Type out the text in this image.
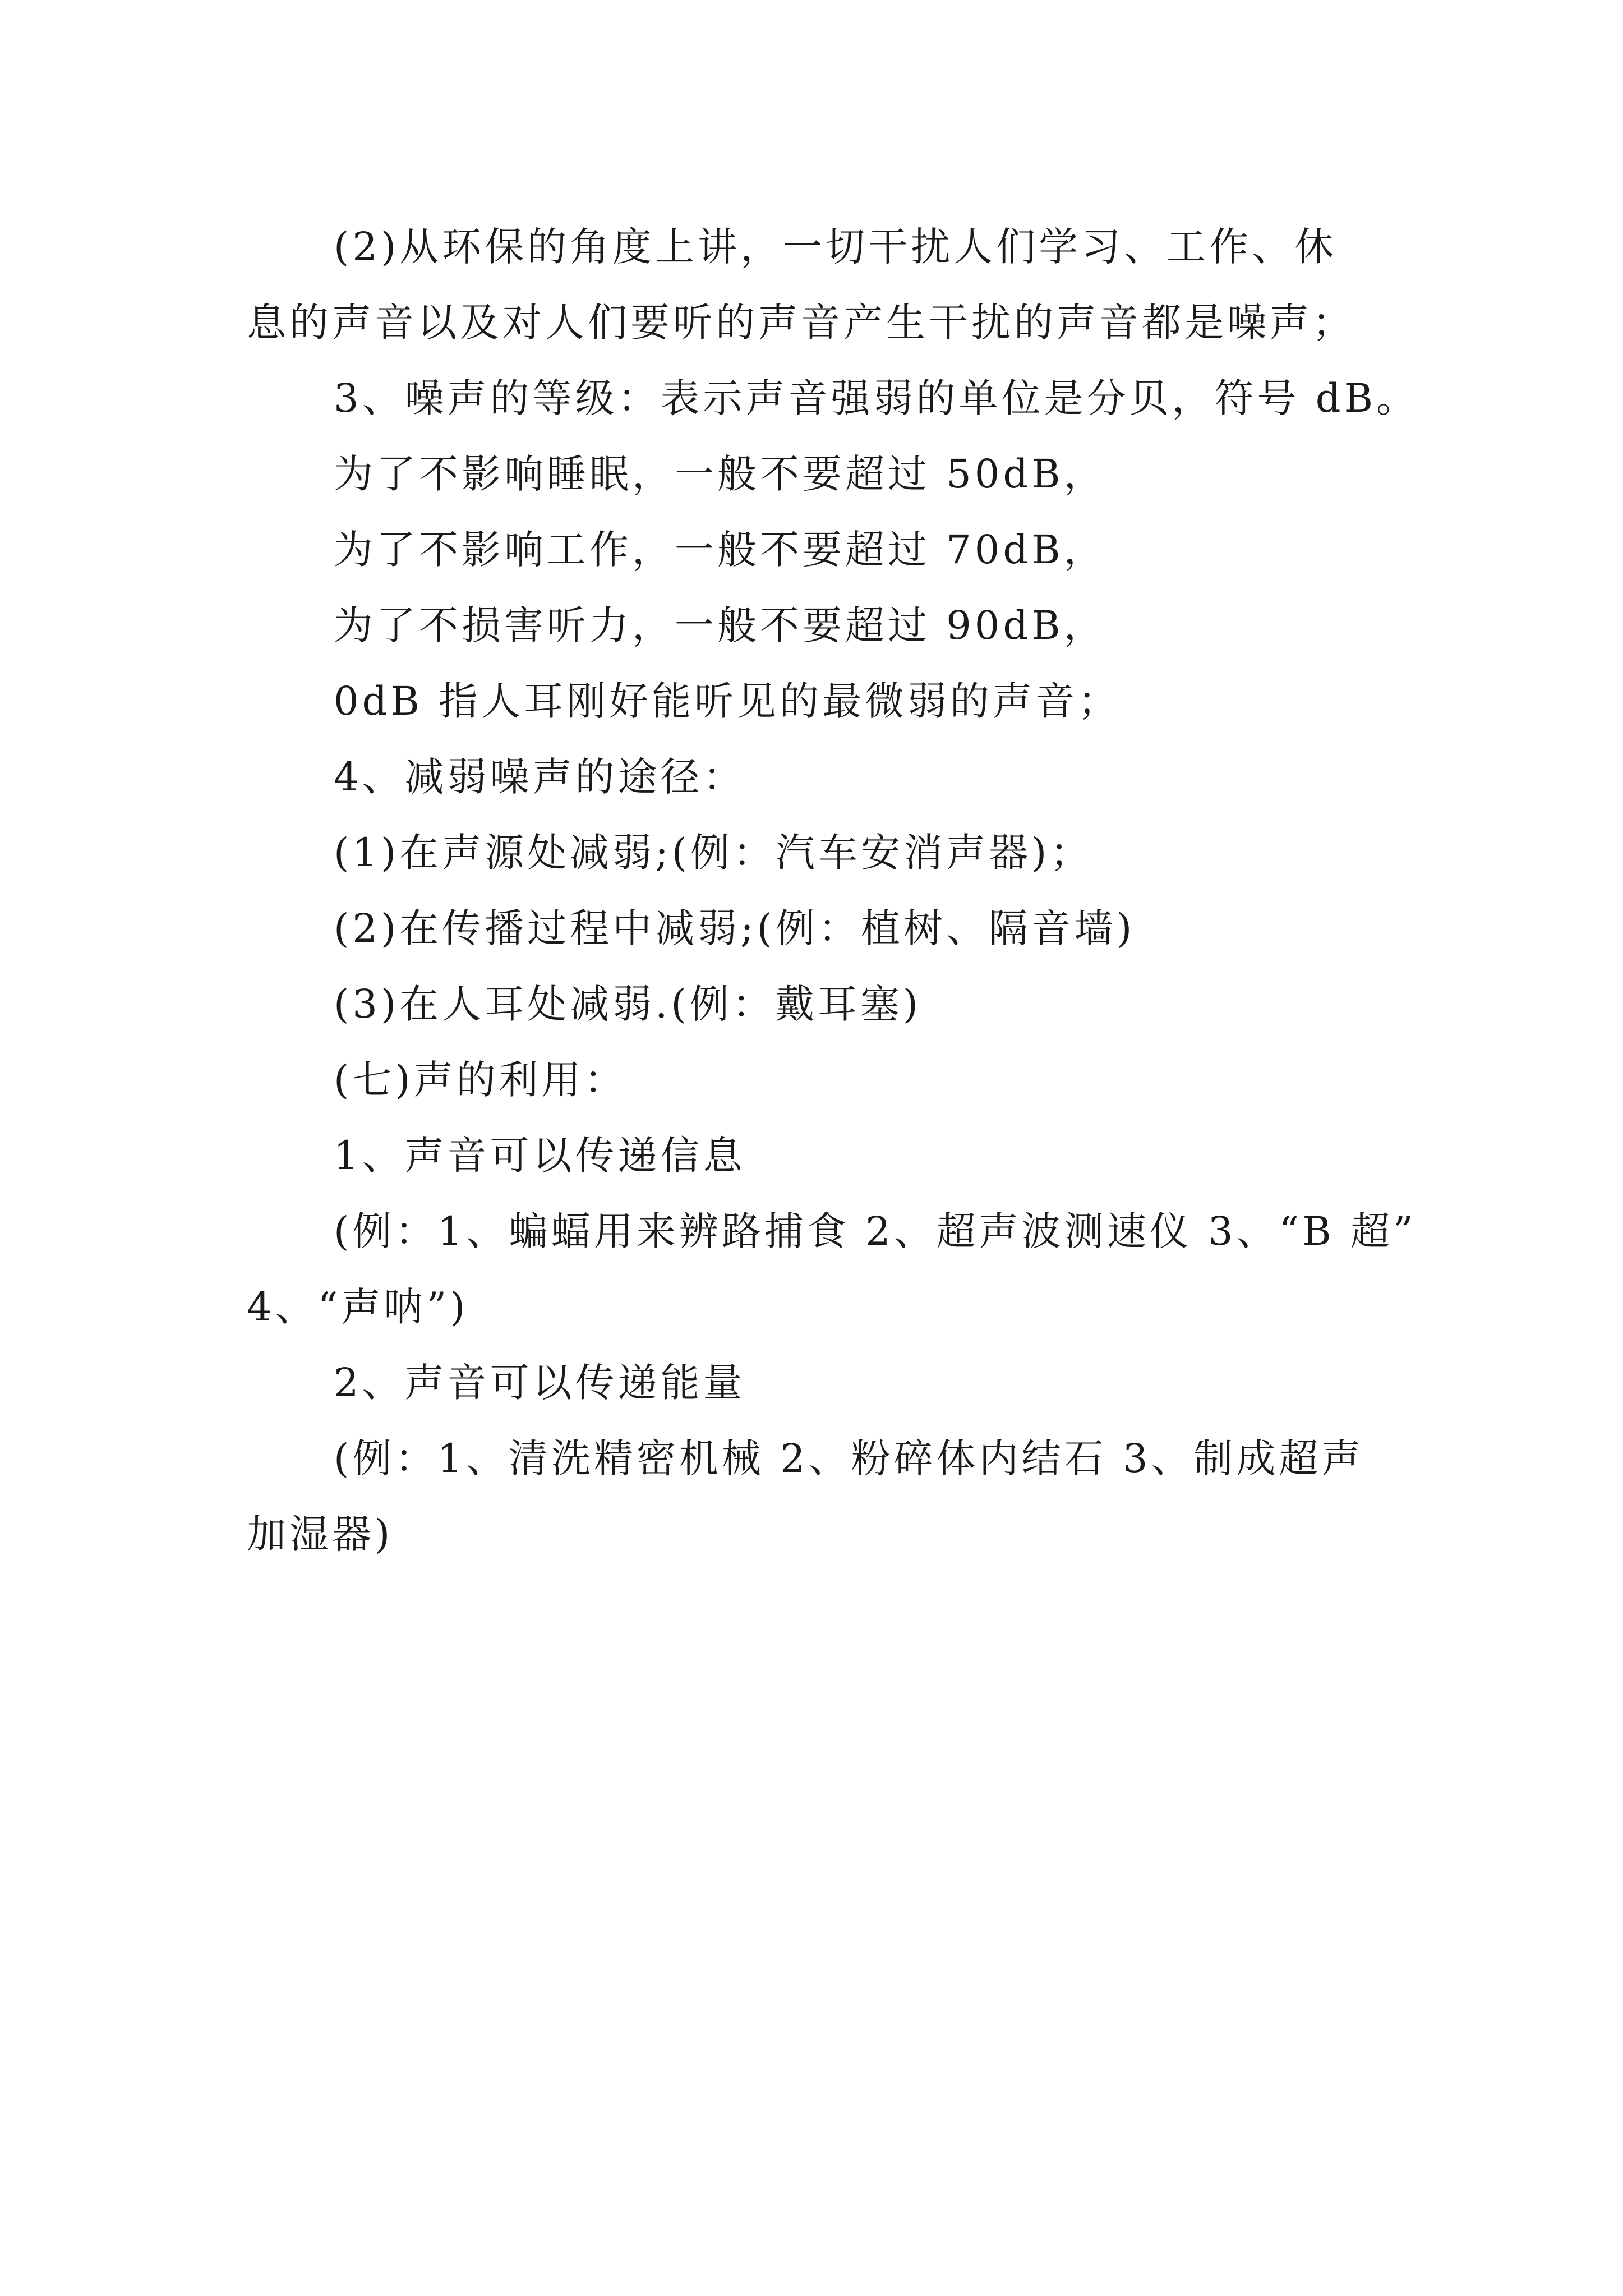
(2)从环保的角度上讲，一切干扰人们学习、工作、休
息的声音以及对人们要听的声音产生干扰的声音都是噪声；
3、噪声的等级：表示声音强弱的单位是分贝，符号 dB。
为了不影响睡眠，一般不要超过 50dB，
为了不影响工作，一般不要超过 70dB，
为了不损害听力，一般不要超过 90dB，
0dB 指人耳刚好能听见的最微弱的声音；
4、减弱噪声的途径：
(1)在声源处减弱;(例：汽车安消声器)；
(2)在传播过程中减弱;(例：植树、隔音墙)
(3)在人耳处减弱.(例：戴耳塞)
(七)声的利用：
1、声音可以传递信息
(例：1、蝙蝠用来辨路捕食 2、超声波测速仪 3、“B 超”
4、“声呐”)
2、声音可以传递能量
(例：1、清洗精密机械 2、粉碎体内结石 3、制成超声
加湿器)
